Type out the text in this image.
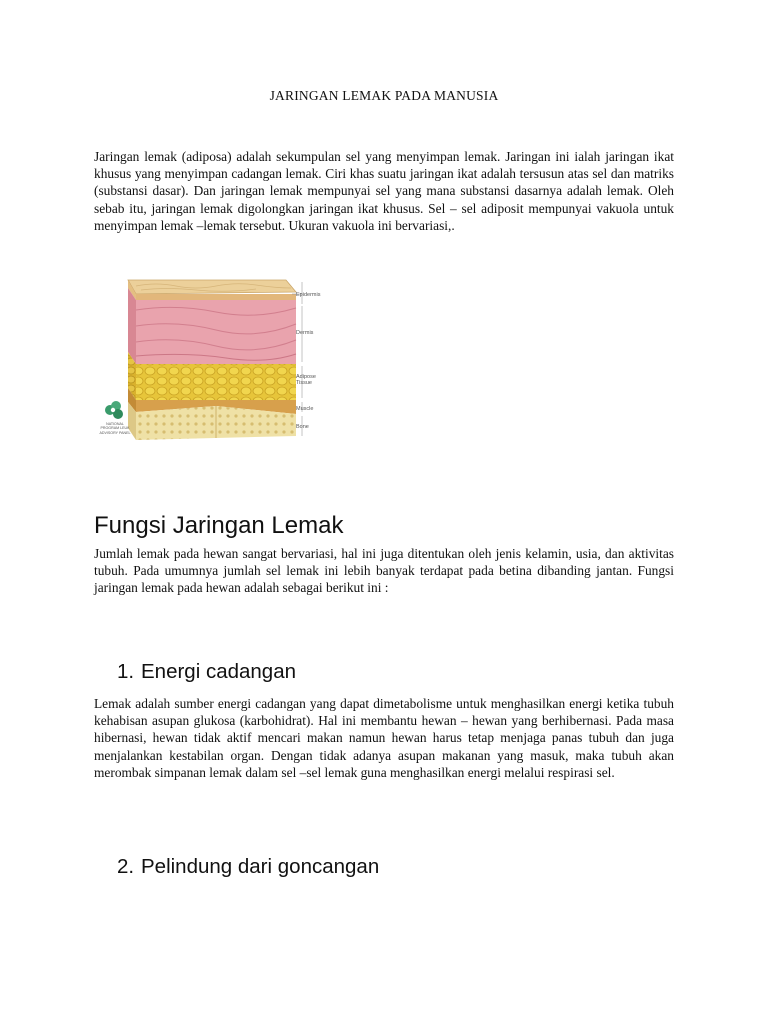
JARINGAN LEMAK PADA MANUSIA

Jaringan lemak (adiposa) adalah sekumpulan sel yang menyimpan lemak. Jaringan ini ialah jaringan ikat khusus yang menyimpan cadangan lemak. Ciri khas suatu jaringan ikat adalah tersusun atas sel dan matriks (substansi dasar). Dan jaringan lemak mempunyai sel yang mana substansi dasarnya adalah lemak. Oleh sebab itu, jaringan lemak digolongkan jaringan ikat khusus. Sel – sel adiposit mempunyai vakuola untuk menyimpan lemak –lemak tersebut. Ukuran vakuola ini bervariasi,.

Epidermis
Dermis
Adipose
Tissue
Muscle
Bone
NATIONAL PROGRAM LEUK ADVISORY PANEL
Fungsi Jaringan Lemak

Jumlah lemak pada hewan sangat bervariasi, hal ini juga ditentukan oleh jenis kelamin, usia, dan aktivitas tubuh. Pada umumnya jumlah sel lemak ini lebih banyak terdapat pada betina dibanding jantan. Fungsi jaringan lemak pada hewan adalah sebagai berikut ini :

1. Energi cadangan

Lemak adalah sumber energi cadangan yang dapat dimetabolisme untuk menghasilkan energi ketika tubuh kehabisan asupan glukosa (karbohidrat). Hal ini membantu hewan – hewan yang berhibernasi. Pada masa hibernasi, hewan tidak aktif mencari makan namun hewan harus tetap menjaga panas tubuh dan juga menjalankan kestabilan organ. Dengan tidak adanya asupan makanan yang masuk, maka tubuh akan merombak simpanan lemak dalam sel –sel lemak guna menghasilkan energi melalui respirasi sel.

2. Pelindung dari goncangan
